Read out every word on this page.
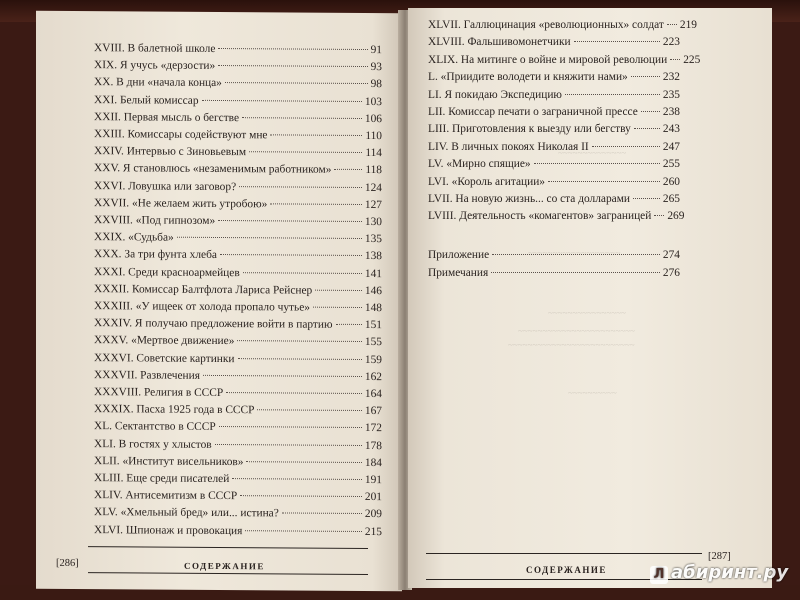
XVIII. В балетной школе	91
XIX. Я учусь «дерзости»	93
XX. В дни «начала конца»	98
XXI. Белый комиссар	103
XXII. Первая мысль о бегстве	106
XXIII. Комиссары содействуют мне	110
XXIV. Интервью с Зиновьевым	114
XXV. Я становлюсь «незаменимым работником»	118
XXVI. Ловушка или заговор?	124
XXVII. «Не желаем жить утробою»	127
XXVIII. «Под гипнозом»	130
XXIX. «Судьба»	135
XXX. За три фунта хлеба	138
XXXI. Среди красноармейцев	141
XXXII. Комиссар Балтфлота Лариса Рейснер	146
XXXIII. «У ищеек от холода пропало чутье»	148
XXXIV. Я получаю предложение войти в партию	151
XXXV. «Мертвое движение»	155
XXXVI. Советские картинки	159
XXXVII. Развлечения	162
XXXVIII. Религия в СССР	164
XXXIX. Пасха 1925 года в СССР	167
XL. Сектантство в СССР	172
XLI. В гостях у хлыстов	178
XLII. «Институт висельников»	184
XLIII. Еще среди писателей	191
XLIV. Антисемитизм в СССР	201
XLV. «Хмельный бред» или... истина?	209
XLVI. Шпионаж и провокация	215
[286]	СОДЕРЖАНИЕ
XLVII. Галлюцинация «революционных» солдат 219
XLVIII. Фальшивомонетчики	223
XLIX. На митинге о войне и мировой революции 225
L. «Приидите володети и княжити нами»	232
LI. Я покидаю Экспедицию	235
LII. Комиссар печати о заграничной прессе 238
LIII. Приготовления к выезду или бегству	243
LIV. В личных покоях Николая II	247
LV. «Мирно спящие»	255
LVI. «Король агитации»	260
LVII. На новую жизнь... со ста долларами	265
LVIII. Деятельность «комагентов» заграницей 269
Приложение	274
Примечания	276
~~~~~~~~~~~~~~
~~~~~~~~~~~~~~~~~~~
~~~~~~~~~~~~~~~~
~~~~~~~~~~~~~~~~~~~~~~~~
~~~~~~~~~~~~~~~~~~~~~~~~~~
~~~~~~~~~~
СОДЕРЖАНИЕ
[287]
Л абиринт.ру
